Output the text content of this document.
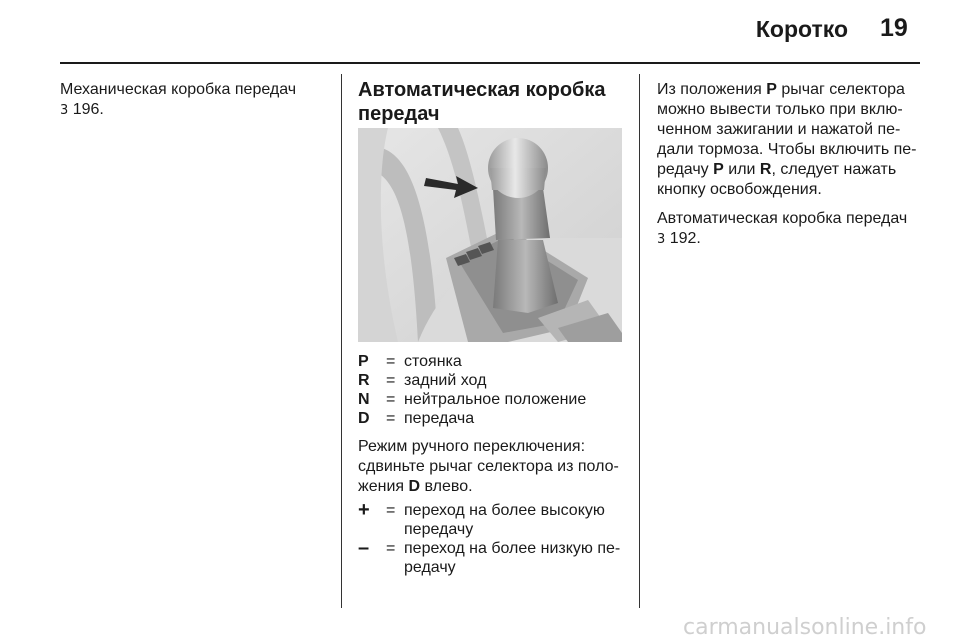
Коротко 19
Механическая коробка передач
3 196.
Автоматическая коробка
передач
P	= стоянка
R	= задний ход
N	= нейтральное положение
D	= передача
Режим ручного переключения:
сдвиньте рычаг селектора из поло-
жения D влево.
+	= переход на более высокую
передачу
–	= переход на более низкую пе-
редачу

Из положения P рычаг селектора
можно вывести только при вклю-
ченном зажигании и нажатой пе-
дали тормоза. Чтобы включить пе-
редачу P или R, следует нажать
кнопку освобождения.

Автоматическая коробка передач
3 192.

carmanualsonline.info
